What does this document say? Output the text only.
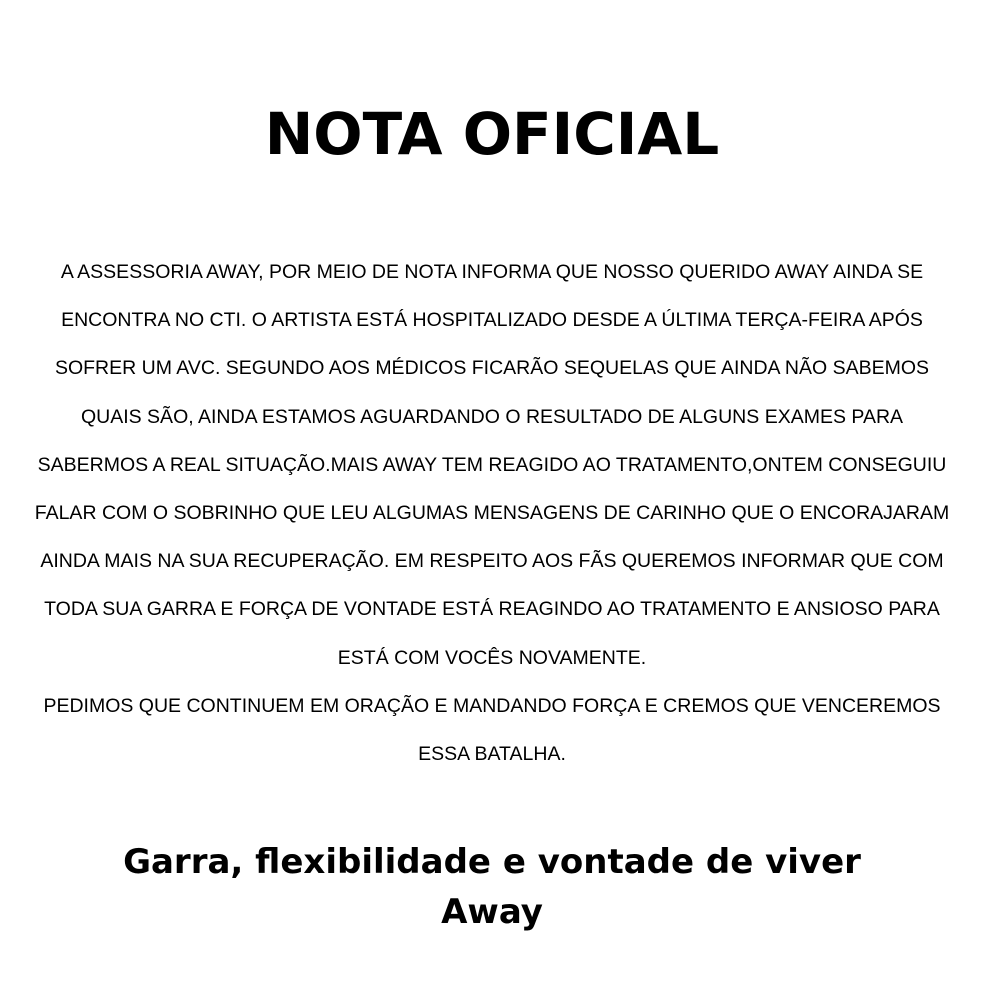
NOTA OFICIAL
A ASSESSORIA AWAY, POR MEIO DE NOTA INFORMA QUE NOSSO QUERIDO AWAY AINDA SE
ENCONTRA NO CTI. O ARTISTA ESTÁ HOSPITALIZADO DESDE A ÚLTIMA TERÇA-FEIRA APÓS
SOFRER UM AVC. SEGUNDO AOS MÉDICOS FICARÃO SEQUELAS QUE AINDA NÃO SABEMOS
QUAIS SÃO, AINDA ESTAMOS AGUARDANDO O RESULTADO DE ALGUNS EXAMES PARA
SABERMOS A REAL SITUAÇÃO.MAIS AWAY TEM REAGIDO AO TRATAMENTO,ONTEM CONSEGUIU
FALAR COM O SOBRINHO QUE LEU ALGUMAS MENSAGENS DE CARINHO QUE O ENCORAJARAM
AINDA MAIS NA SUA RECUPERAÇÃO. EM RESPEITO AOS FÃS QUEREMOS INFORMAR QUE COM
TODA SUA GARRA E FORÇA DE VONTADE ESTÁ REAGINDO AO TRATAMENTO E ANSIOSO PARA
ESTÁ COM VOCÊS NOVAMENTE.
PEDIMOS QUE CONTINUEM EM ORAÇÃO E MANDANDO FORÇA E CREMOS QUE VENCEREMOS
ESSA BATALHA.
Garra, flexibilidade e vontade de viver
Away
